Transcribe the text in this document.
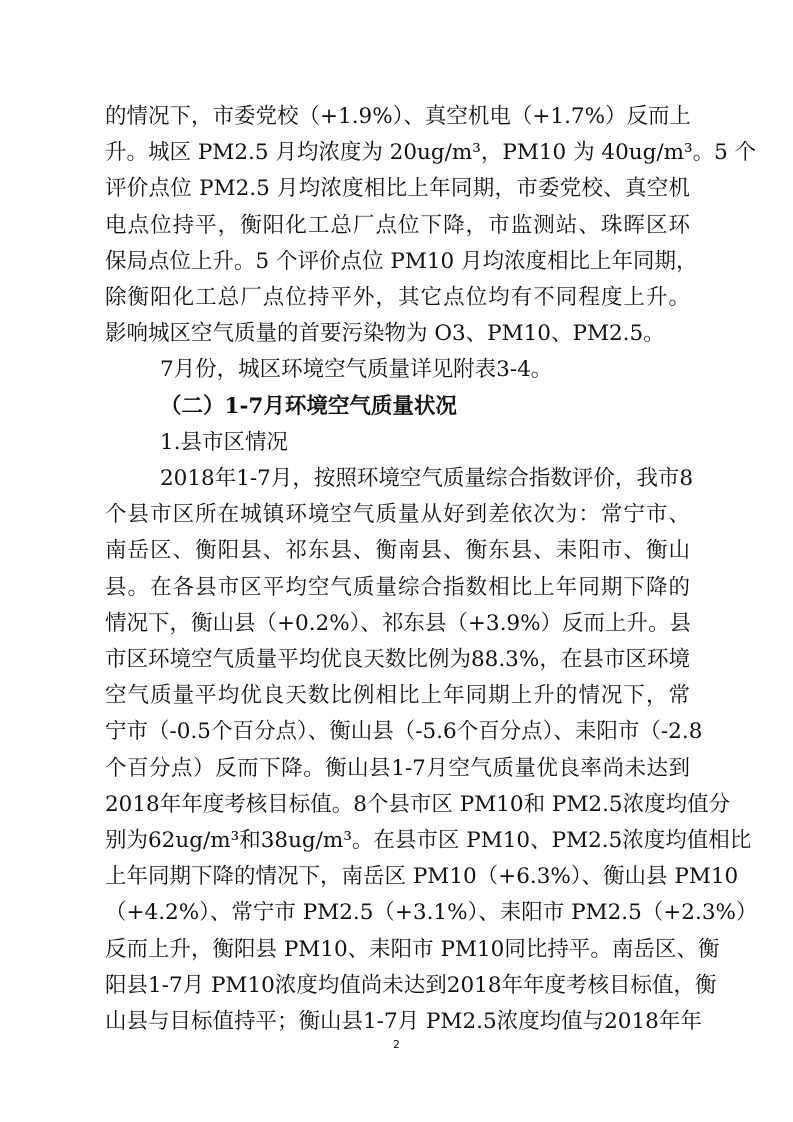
的情况下，市委党校（+1.9%）、真空机电（+1.7%）反而上
升。城区 PM2.5 月均浓度为 20ug/m³，PM10 为 40ug/m³。5 个
评价点位 PM2.5 月均浓度相比上年同期，市委党校、真空机
电点位持平，衡阳化工总厂点位下降，市监测站、珠晖区环
保局点位上升。5 个评价点位 PM10 月均浓度相比上年同期，
除衡阳化工总厂点位持平外，其它点位均有不同程度上升。
影响城区空气质量的首要污染物为 O3、PM10、PM2.5。
7月份，城区环境空气质量详见附表3-4。
（二）1-7月环境空气质量状况
1.县市区情况
2018年1-7月，按照环境空气质量综合指数评价，我市8
个县市区所在城镇环境空气质量从好到差依次为：常宁市、
南岳区、衡阳县、祁东县、衡南县、衡东县、耒阳市、衡山
县。在各县市区平均空气质量综合指数相比上年同期下降的
情况下，衡山县（+0.2%）、祁东县（+3.9%）反而上升。县
市区环境空气质量平均优良天数比例为88.3%，在县市区环境
空气质量平均优良天数比例相比上年同期上升的情况下，常
宁市（-0.5个百分点）、衡山县（-5.6个百分点）、耒阳市（-2.8
个百分点）反而下降。衡山县1-7月空气质量优良率尚未达到
2018年年度考核目标值。8个县市区 PM10和 PM2.5浓度均值分
别为62ug/m³和38ug/m³。在县市区 PM10、PM2.5浓度均值相比
上年同期下降的情况下，南岳区 PM10（+6.3%）、衡山县 PM10
（+4.2%）、常宁市 PM2.5（+3.1%）、耒阳市 PM2.5（+2.3%）
2
反而上升，衡阳县 PM10、耒阳市 PM10同比持平。南岳区、衡
阳县1-7月 PM10浓度均值尚未达到2018年年度考核目标值，衡
山县与目标值持平；衡山县1-7月 PM2.5浓度均值与2018年年
